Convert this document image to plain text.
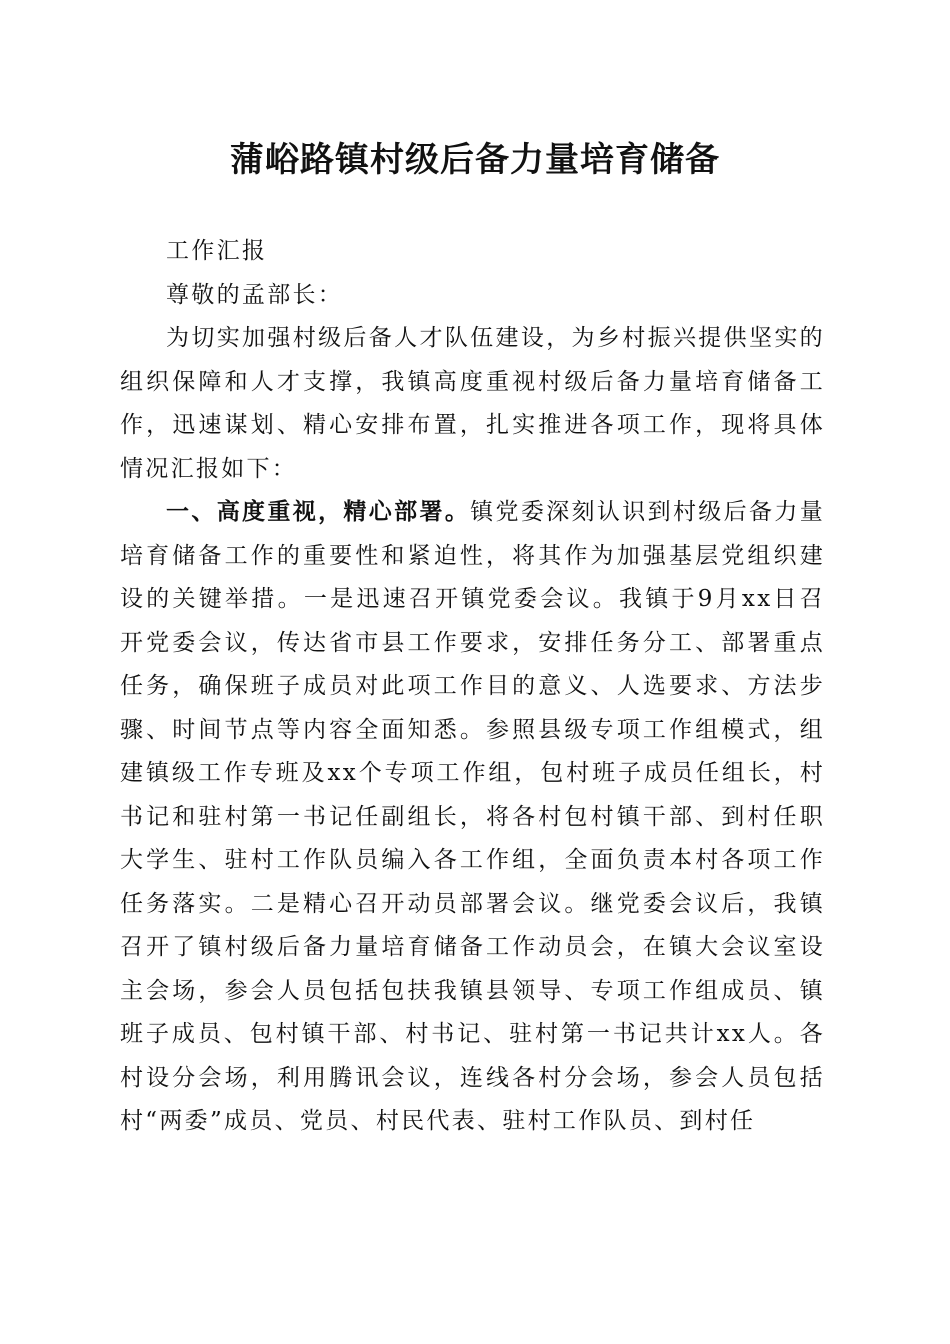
蒲峪路镇村级后备力量培育储备

工作汇报

尊敬的孟部长：

为切实加强村级后备人才队伍建设，为乡村振兴提供坚实的组织保障和人才支撑，我镇高度重视村级后备力量培育储备工作，迅速谋划、精心安排布置，扎实推进各项工作，现将具体情况汇报如下：

一、高度重视，精心部署。镇党委深刻认识到村级后备力量培育储备工作的重要性和紧迫性，将其作为加强基层党组织建设的关键举措。一是迅速召开镇党委会议。我镇于9月xx日召开党委会议，传达省市县工作要求，安排任务分工、部署重点任务，确保班子成员对此项工作目的意义、人选要求、方法步骤、时间节点等内容全面知悉。参照县级专项工作组模式，组建镇级工作专班及xx个专项工作组，包村班子成员任组长，村书记和驻村第一书记任副组长，将各村包村镇干部、到村任职大学生、驻村工作队员编入各工作组，全面负责本村各项工作任务落实。二是精心召开动员部署会议。继党委会议后，我镇召开了镇村级后备力量培育储备工作动员会，在镇大会议室设主会场，参会人员包括包扶我镇县领导、专项工作组成员、镇班子成员、包村镇干部、村书记、驻村第一书记共计xx人。各村设分会场，利用腾讯会议，连线各村分会场，参会人员包括村“两委”成员、党员、村民代表、驻村工作队员、到村任
